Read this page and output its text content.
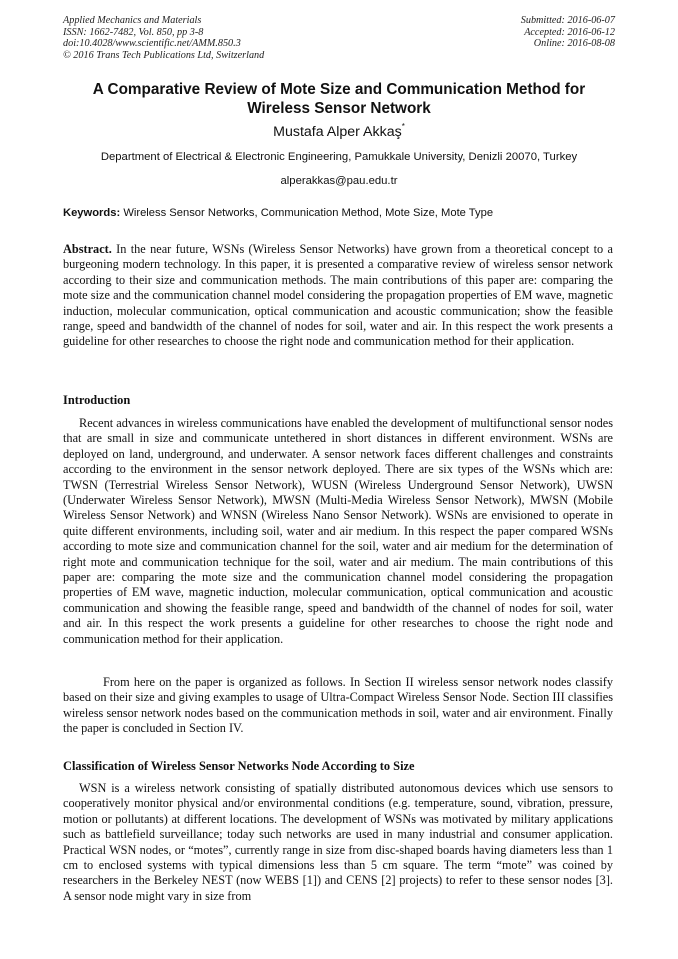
Applied Mechanics and Materials
ISSN: 1662-7482, Vol. 850, pp 3-8
doi:10.4028/www.scientific.net/AMM.850.3
© 2016 Trans Tech Publications Ltd, Switzerland
Submitted: 2016-06-07
Accepted: 2016-06-12
Online: 2016-08-08
A Comparative Review of Mote Size and Communication Method for Wireless Sensor Network
Mustafa Alper Akkaş*
Department of Electrical & Electronic Engineering, Pamukkale University, Denizli 20070, Turkey
alperakkas@pau.edu.tr
Keywords: Wireless Sensor Networks, Communication Method, Mote Size, Mote Type

Abstract. In the near future, WSNs (Wireless Sensor Networks) have grown from a theoretical concept to a burgeoning modern technology. In this paper, it is presented a comparative review of wireless sensor network according to their size and communication methods. The main contributions of this paper are: comparing the mote size and the communication channel model considering the propagation properties of EM wave, magnetic induction, molecular communication, optical communication and acoustic communication; show the feasible range, speed and bandwidth of the channel of nodes for soil, water and air. In this respect the work presents a guideline for other researches to choose the right node and communication method for their application.

Introduction

Recent advances in wireless communications have enabled the development of multifunctional sensor nodes that are small in size and communicate untethered in short distances in different environment. WSNs are deployed on land, underground, and underwater. A sensor network faces different challenges and constraints according to the environment in the sensor network deployed. There are six types of the WSNs which are: TWSN (Terrestrial Wireless Sensor Network), WUSN (Wireless Underground Sensor Network), UWSN (Underwater Wireless Sensor Network), MWSN (Multi-Media Wireless Sensor Network), MWSN (Mobile Wireless Sensor Network) and WNSN (Wireless Nano Sensor Network). WSNs are envisioned to operate in quite different environments, including soil, water and air medium. In this respect the paper compared WSNs according to mote size and communication channel for the soil, water and air medium for the determination of right mote and communication technique for the soil, water and air medium. The main contributions of this paper are: comparing the mote size and the communication channel model considering the propagation properties of EM wave, magnetic induction, molecular communication, optical communication and acoustic communication and showing the feasible range, speed and bandwidth of the channel of nodes for soil, water and air. In this respect the work presents a guideline for other researches to choose the right node and communication method for their application.

From here on the paper is organized as follows. In Section II wireless sensor network nodes classify based on their size and giving examples to usage of Ultra-Compact Wireless Sensor Node. Section III classifies wireless sensor network nodes based on the communication methods in soil, water and air environment. Finally the paper is concluded in Section IV.

Classification of Wireless Sensor Networks Node According to Size

WSN is a wireless network consisting of spatially distributed autonomous devices which use sensors to cooperatively monitor physical and/or environmental conditions (e.g. temperature, sound, vibration, pressure, motion or pollutants) at different locations. The development of WSNs was motivated by military applications such as battlefield surveillance; today such networks are used in many industrial and consumer application. Practical WSN nodes, or “motes”, currently range in size from disc-shaped boards having diameters less than 1 cm to enclosed systems with typical dimensions less than 5 cm square. The term “mote” was coined by researchers in the Berkeley NEST (now WEBS [1]) and CENS [2] projects) to refer to these sensor nodes [3]. A sensor node might vary in size from
